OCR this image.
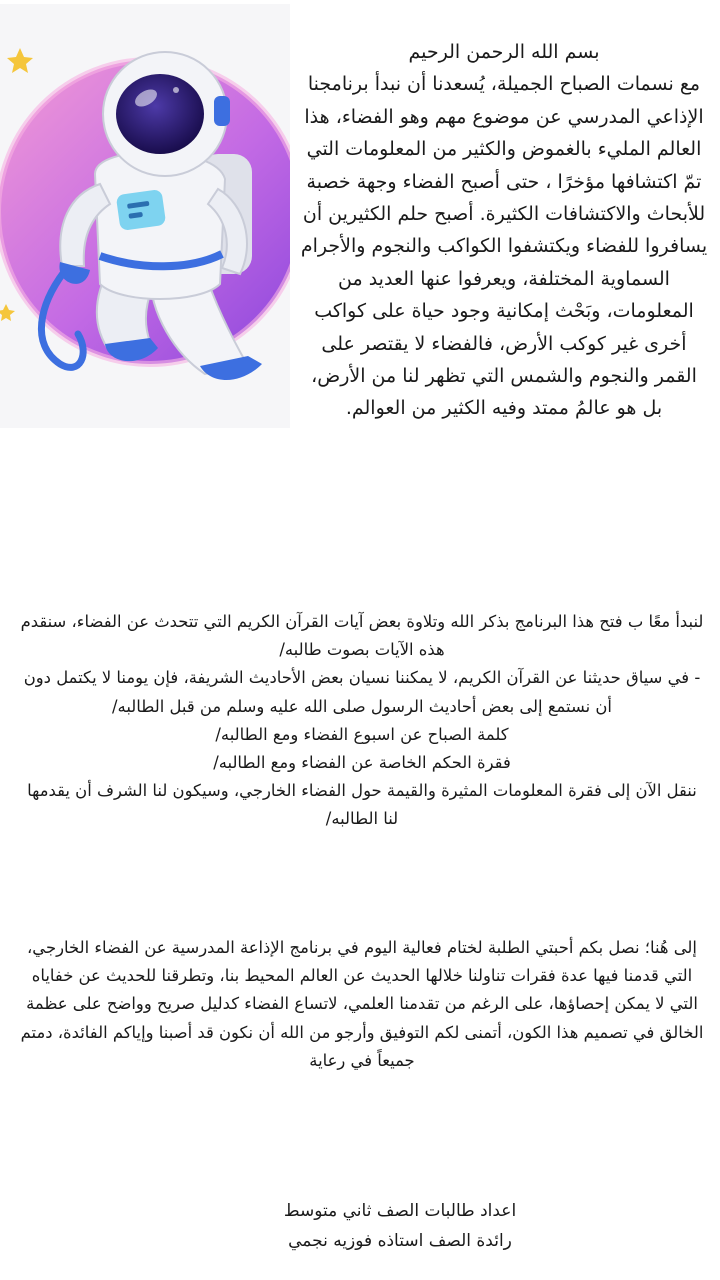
بسم الله الرحمن الرحيم

مع نسمات الصباح الجميلة، يُسعدنا أن نبدأ برنامجنا الإذاعي المدرسي عن موضوع مهم وهو الفضاء، هذا العالم المليء بالغموض والكثير من المعلومات التي تمّ اكتشافها مؤخرًا ، حتى أصبح الفضاء وجهة خصبة للأبحاث والاكتشافات الكثيرة. أصبح حلم الكثيرين أن يسافروا للفضاء ويكتشفوا الكواكب والنجوم والأجرام السماوية المختلفة، ويعرفوا عنها العديد من المعلومات، وبَحْث إمكانية وجود حياة على كواكب أخرى غير كوكب الأرض، فالفضاء لا يقتصر على القمر والنجوم والشمس التي تظهر لنا من الأرض، بل هو عالمُ ممتد وفيه الكثير من العوالم.

لنبدأ معًا ب فتح هذا البرنامج بذكر الله وتلاوة بعض آيات القرآن الكريم التي تتحدث عن الفضاء، سنقدم هذه الآيات بصوت طالبه/

- في سياق حديثنا عن القرآن الكريم، لا يمكننا نسيان بعض الأحاديث الشريفة، فإن يومنا لا يكتمل دون أن نستمع إلى بعض أحاديث الرسول صلى الله عليه وسلم من قبل الطالبه/

كلمة الصباح عن اسبوع الفضاء ومع الطالبه/

فقرة الحكم الخاصة عن الفضاء ومع الطالبه/

ننقل الآن إلى فقرة المعلومات المثيرة والقيمة حول الفضاء الخارجي، وسيكون لنا الشرف أن يقدمها لنا الطالبه/

إلى هُنا؛ نصل بكم أحبتي الطلبة لختام فعالية اليوم في برنامج الإذاعة المدرسية عن الفضاء الخارجي، التي قدمنا فيها عدة فقرات تناولنا خلالها الحديث عن العالم المحيط بنا، وتطرقنا للحديث عن خفاياه التي لا يمكن إحصاؤها، على الرغم من تقدمنا العلمي، لاتساع الفضاء كدليل صريح وواضح على عظمة الخالق في تصميم هذا الكون، أتمنى لكم التوفيق وأرجو من الله أن نكون قد أصبنا وإياكم الفائدة، دمتم جميعاً في رعاية

اعداد طالبات الصف ثاني متوسط

رائدة الصف استاذه فوزيه نجمي
